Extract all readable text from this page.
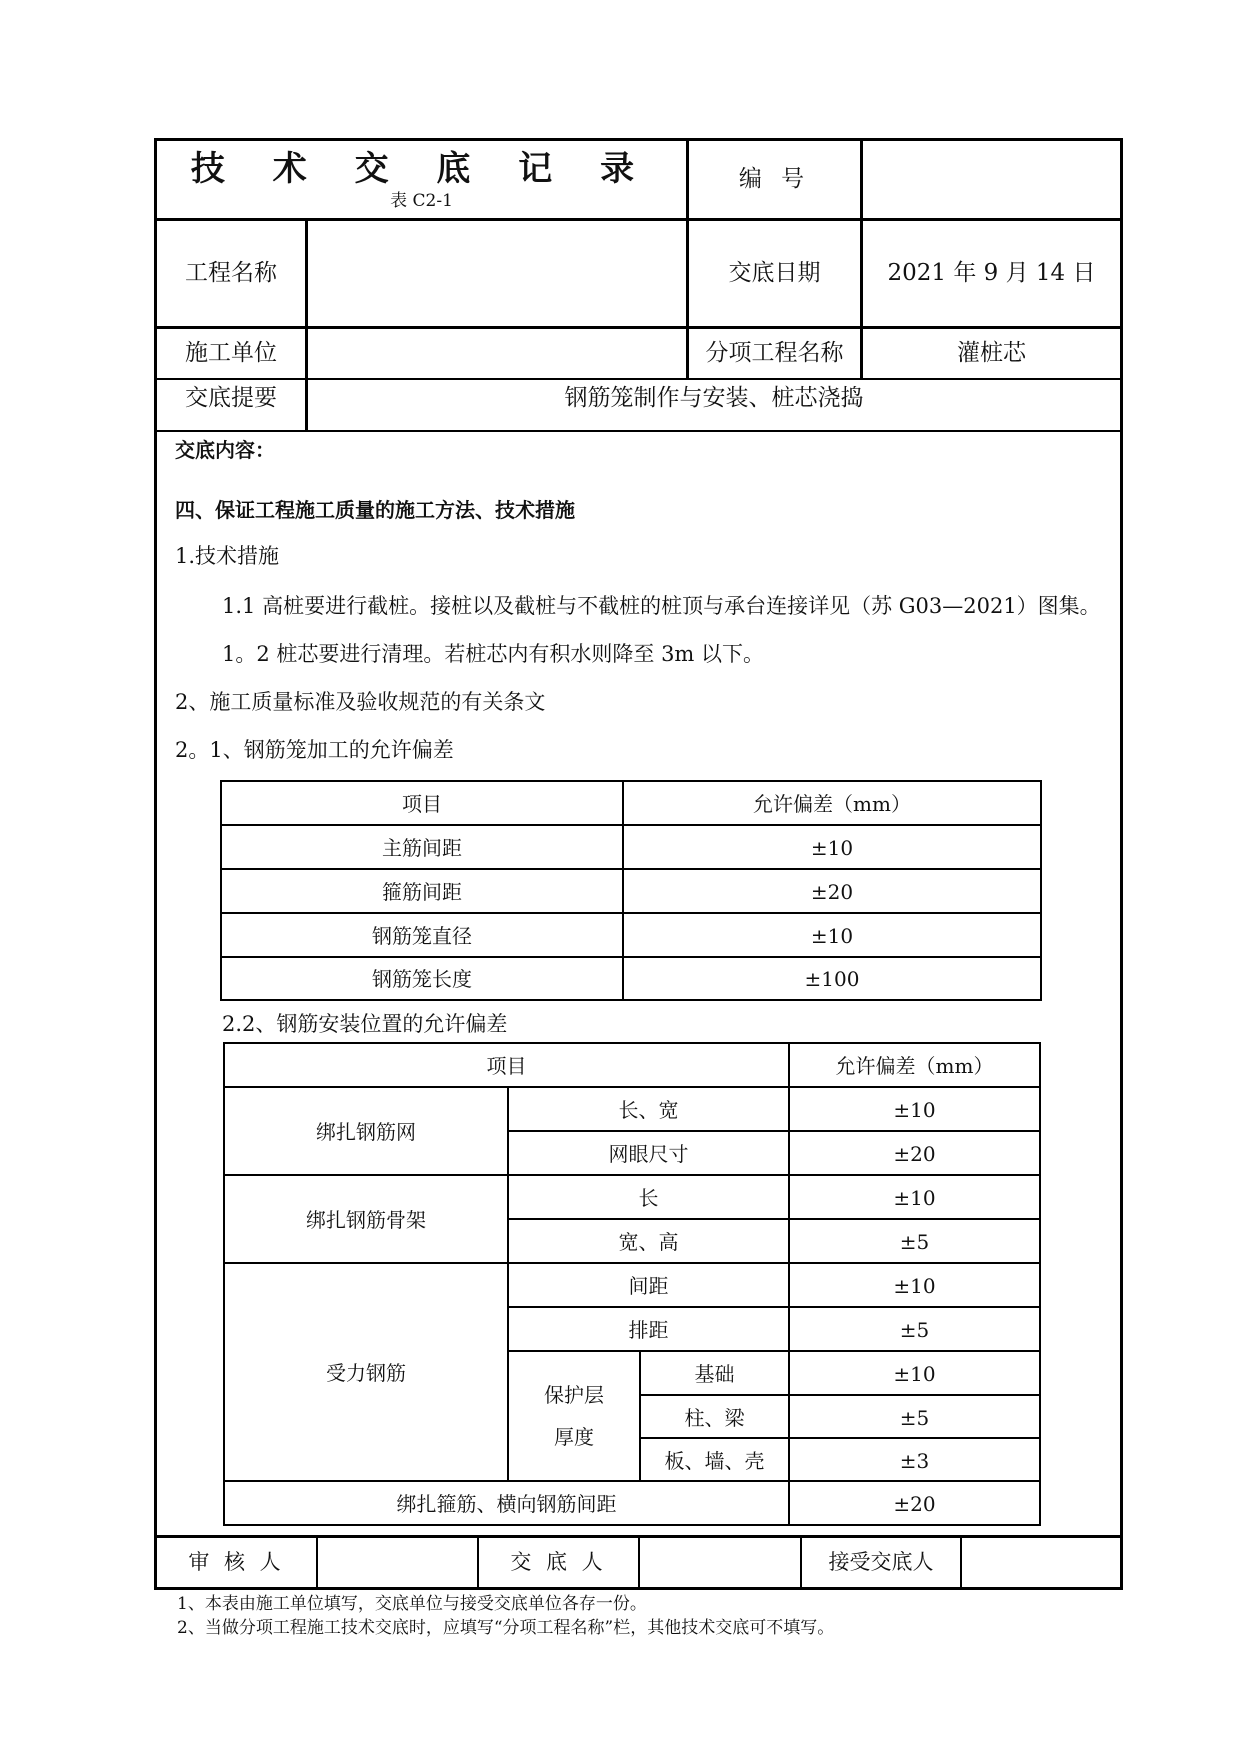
技 术 交 底 记 录
表 C2-1
编 号
工程名称	交底日期	2021 年 9 月 14 日
施工单位	分项工程名称	灌桩芯
交底提要	钢筋笼制作与安装、桩芯浇捣
交底内容：
四、保证工程施工质量的施工方法、技术措施
1.技术措施
1.1 高桩要进行截桩。接桩以及截桩与不截桩的桩顶与承台连接详见（苏 G03—2021）图集。
1。2 桩芯要进行清理。若桩芯内有积水则降至 3m 以下。
2、施工质量标准及验收规范的有关条文
2。1、钢筋笼加工的允许偏差
项目	允许偏差（mm）
主筋间距	±10
箍筋间距	±20
钢筋笼直径	±10
钢筋笼长度	±100
2.2、钢筋安装位置的允许偏差
项目	允许偏差（mm）
绑扎钢筋网
长、宽	±10
网眼尺寸	±20
绑扎钢筋骨架
长	±10
宽、高	±5
受力钢筋
间距	±10
排距	±5
保护层
厚度
基础	±10
柱、梁	±5
板、墙、壳	±3
绑扎箍筋、横向钢筋间距	±20
审 核 人	交 底 人	接受交底人
1、本表由施工单位填写，交底单位与接受交底单位各存一份。
2、当做分项工程施工技术交底时，应填写“分项工程名称”栏，其他技术交底可不填写。
